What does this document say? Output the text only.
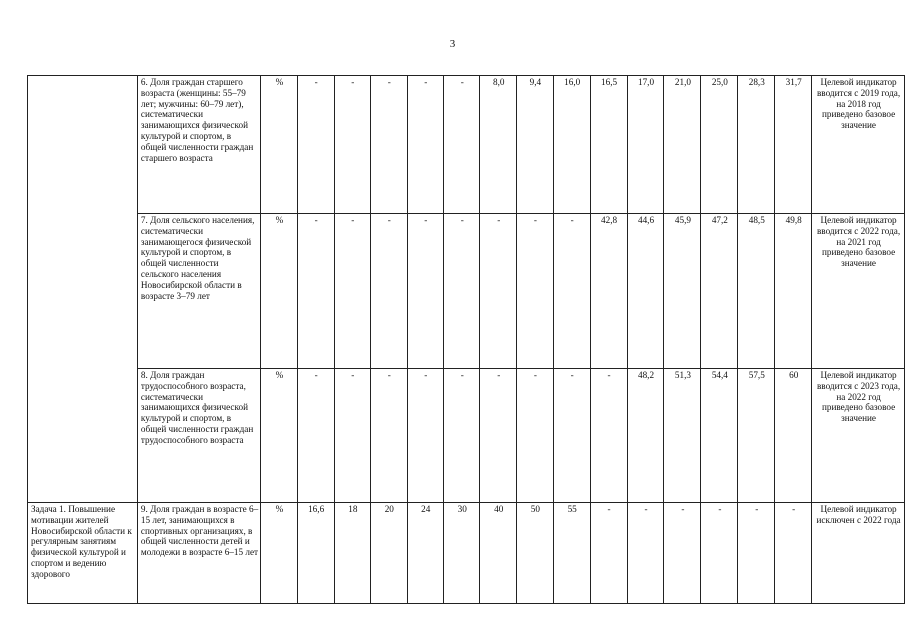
3
	6. Доля граждан старшего возраста (женщины: 55–79 лет; мужчины: 60–79 лет), систематически занимающихся физической культурой и спортом, в общей численности граждан старшего возраста	%	-	-	-	-	-	8,0	9,4	16,0	16,5	17,0	21,0	25,0	28,3	31,7	Целевой индикатор вводится с 2019 года, на 2018 год приведено базовое значение
	7. Доля сельского населения, систематически занимающегося физической культурой и спортом, в общей численности сельского населения Новосибирской области в возрасте 3–79 лет	%	-	-	-	-	-	-	-	-	42,8	44,6	45,9	47,2	48,5	49,8	Целевой индикатор вводится с 2022 года, на 2021 год приведено базовое значение
	8. Доля граждан трудоспособного возраста, систематически занимающихся физической культурой и спортом, в общей численности граждан трудоспособного возраста	%	-	-	-	-	-	-	-	-	-	48,2	51,3	54,4	57,5	60	Целевой индикатор вводится с 2023 года, на 2022 год приведено базовое значение
Задача 1. Повышение мотивации жителей Новосибирской области к регулярным занятиям физической культурой и спортом и ведению здорового	9. Доля граждан в возрасте 6–15 лет, занимающихся в спортивных организациях, в общей численности детей и молодежи в возрасте 6–15 лет	%	16,6	18	20	24	30	40	50	55	-	-	-	-	-	-	Целевой индикатор исключен с 2022 года
